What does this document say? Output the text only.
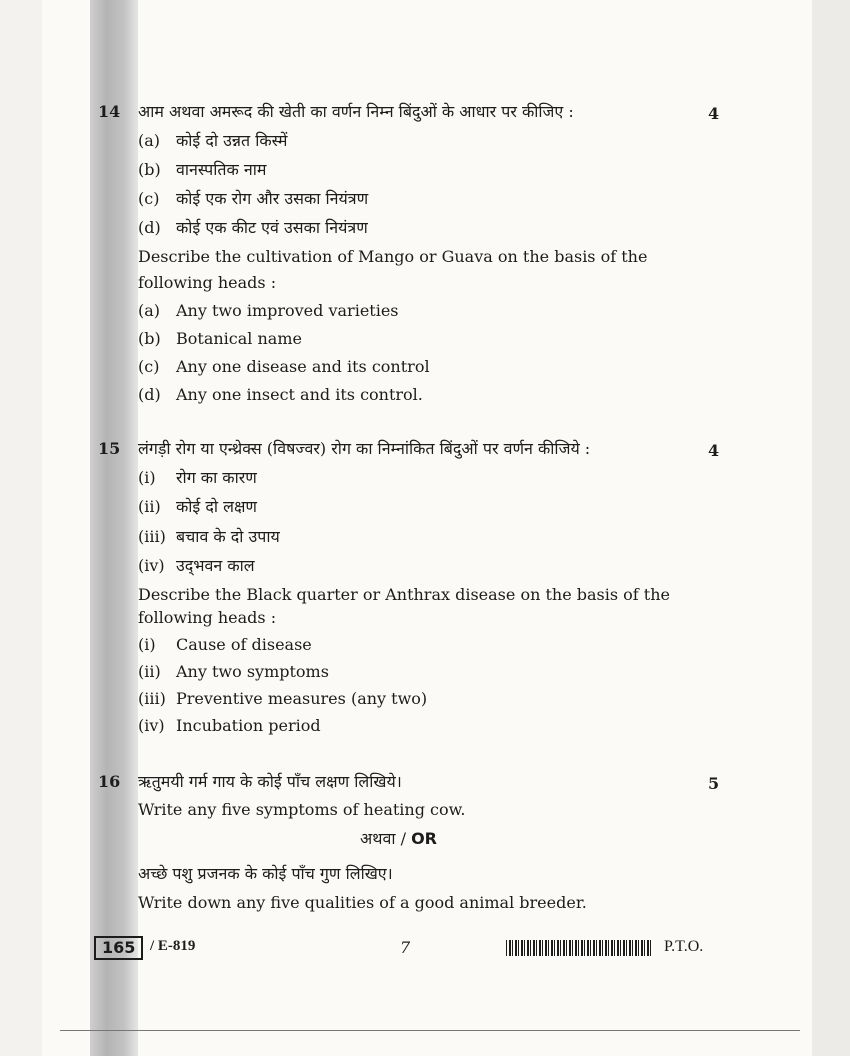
14	4
आम अथवा अमरूद की खेती का वर्णन निम्न बिंदुओं के आधार पर कीजिए :
(a) कोई दो उन्नत किस्में
(b) वानस्पतिक नाम
(c) कोई एक रोग और उसका नियंत्रण
(d) कोई एक कीट एवं उसका नियंत्रण
Describe the cultivation of Mango or Guava on the basis of the
following heads :
(a) Any two improved varieties
(b) Botanical name
(c) Any one disease and its control
(d) Any one insect and its control.
15	4
लंगड़ी रोग या एन्थ्रेक्स (विषज्वर) रोग का निम्नांकित बिंदुओं पर वर्णन कीजिये :
(i) रोग का कारण
(ii) कोई दो लक्षण
(iii) बचाव के दो उपाय
(iv) उद्‌भवन काल
Describe the Black quarter or Anthrax disease on the basis of the
following heads :
(i) Cause of disease
(ii) Any two symptoms
(iii) Preventive measures (any two)
(iv) Incubation period
16	5
ऋतुमयी गर्म गाय के कोई पाँच लक्षण लिखिये।
Write any five symptoms of heating cow.
अथवा / OR
अच्छे पशु प्रजनक के कोई पाँच गुण लिखिए।
Write down any five qualities of a good animal breeder.
165 / E-819	7	P.T.O.
